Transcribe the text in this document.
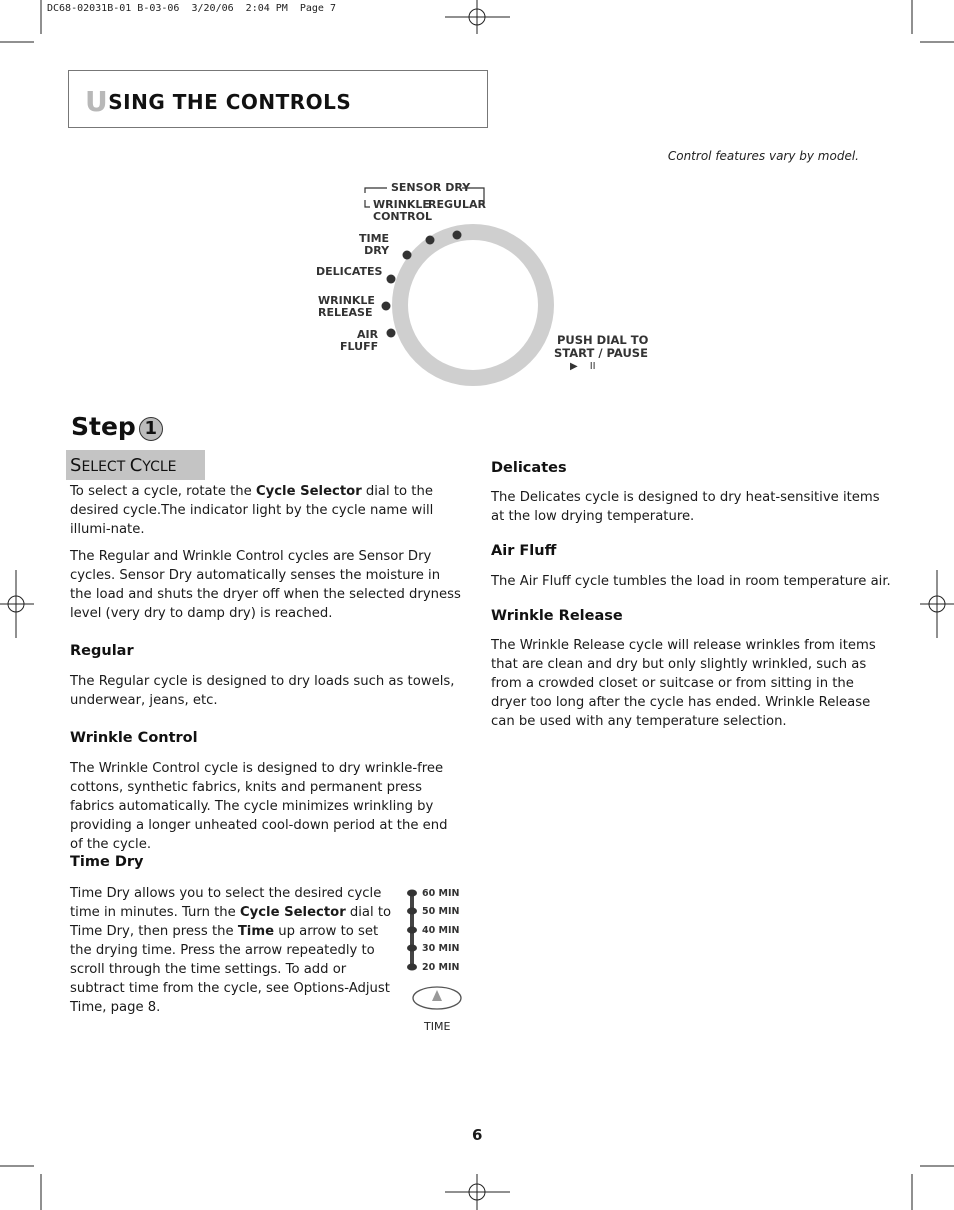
DC68-02031B-01 B-03-06  3/20/06  2:04 PM  Page 7
USING THE CONTROLS
Control features vary by model.
SENSOR DRY
WRINKLE
CONTROL
REGULAR
TIME
DRY
DELICATES
WRINKLE
RELEASE
AIR
FLUFF	PUSH DIAL TO
START / PAUSE
▶ II
Step 1
SELECT CYCLE
To select a cycle, rotate the Cycle Selector dial to the desired cycle.The indicator light by the cycle name will illumi-nate.
The Regular and Wrinkle Control cycles are Sensor Dry cycles. Sensor Dry automatically senses the moisture in the load and shuts the dryer off when the selected dryness level (very dry to damp dry) is reached.
Regular
The Regular cycle is designed to dry loads such as towels, underwear, jeans, etc.
Wrinkle Control
The Wrinkle Control cycle is designed to dry wrinkle-free cottons, synthetic fabrics, knits and permanent press fabrics automatically. The cycle minimizes wrinkling by providing a longer unheated cool-down period at the end of the cycle.
Time Dry
Time Dry allows you to select the desired cycle time in minutes. Turn the Cycle Selector dial to Time Dry, then press the Time up arrow to set the drying time. Press the arrow repeatedly to scroll through the time settings. To add or subtract time from the cycle, see Options-Adjust Time, page 8.
60 MIN
50 MIN
40 MIN
30 MIN
20 MIN
TIME
Delicates
The Delicates cycle is designed to dry heat-sensitive items at the low drying temperature.
Air Fluff
The Air Fluff cycle tumbles the load in room temperature air.
Wrinkle Release
The Wrinkle Release cycle will release wrinkles from items that are clean and dry but only slightly wrinkled, such as from a crowded closet or suitcase or from sitting in the dryer too long after the cycle has ended. Wrinkle Release can be used with any temperature selection.
6
